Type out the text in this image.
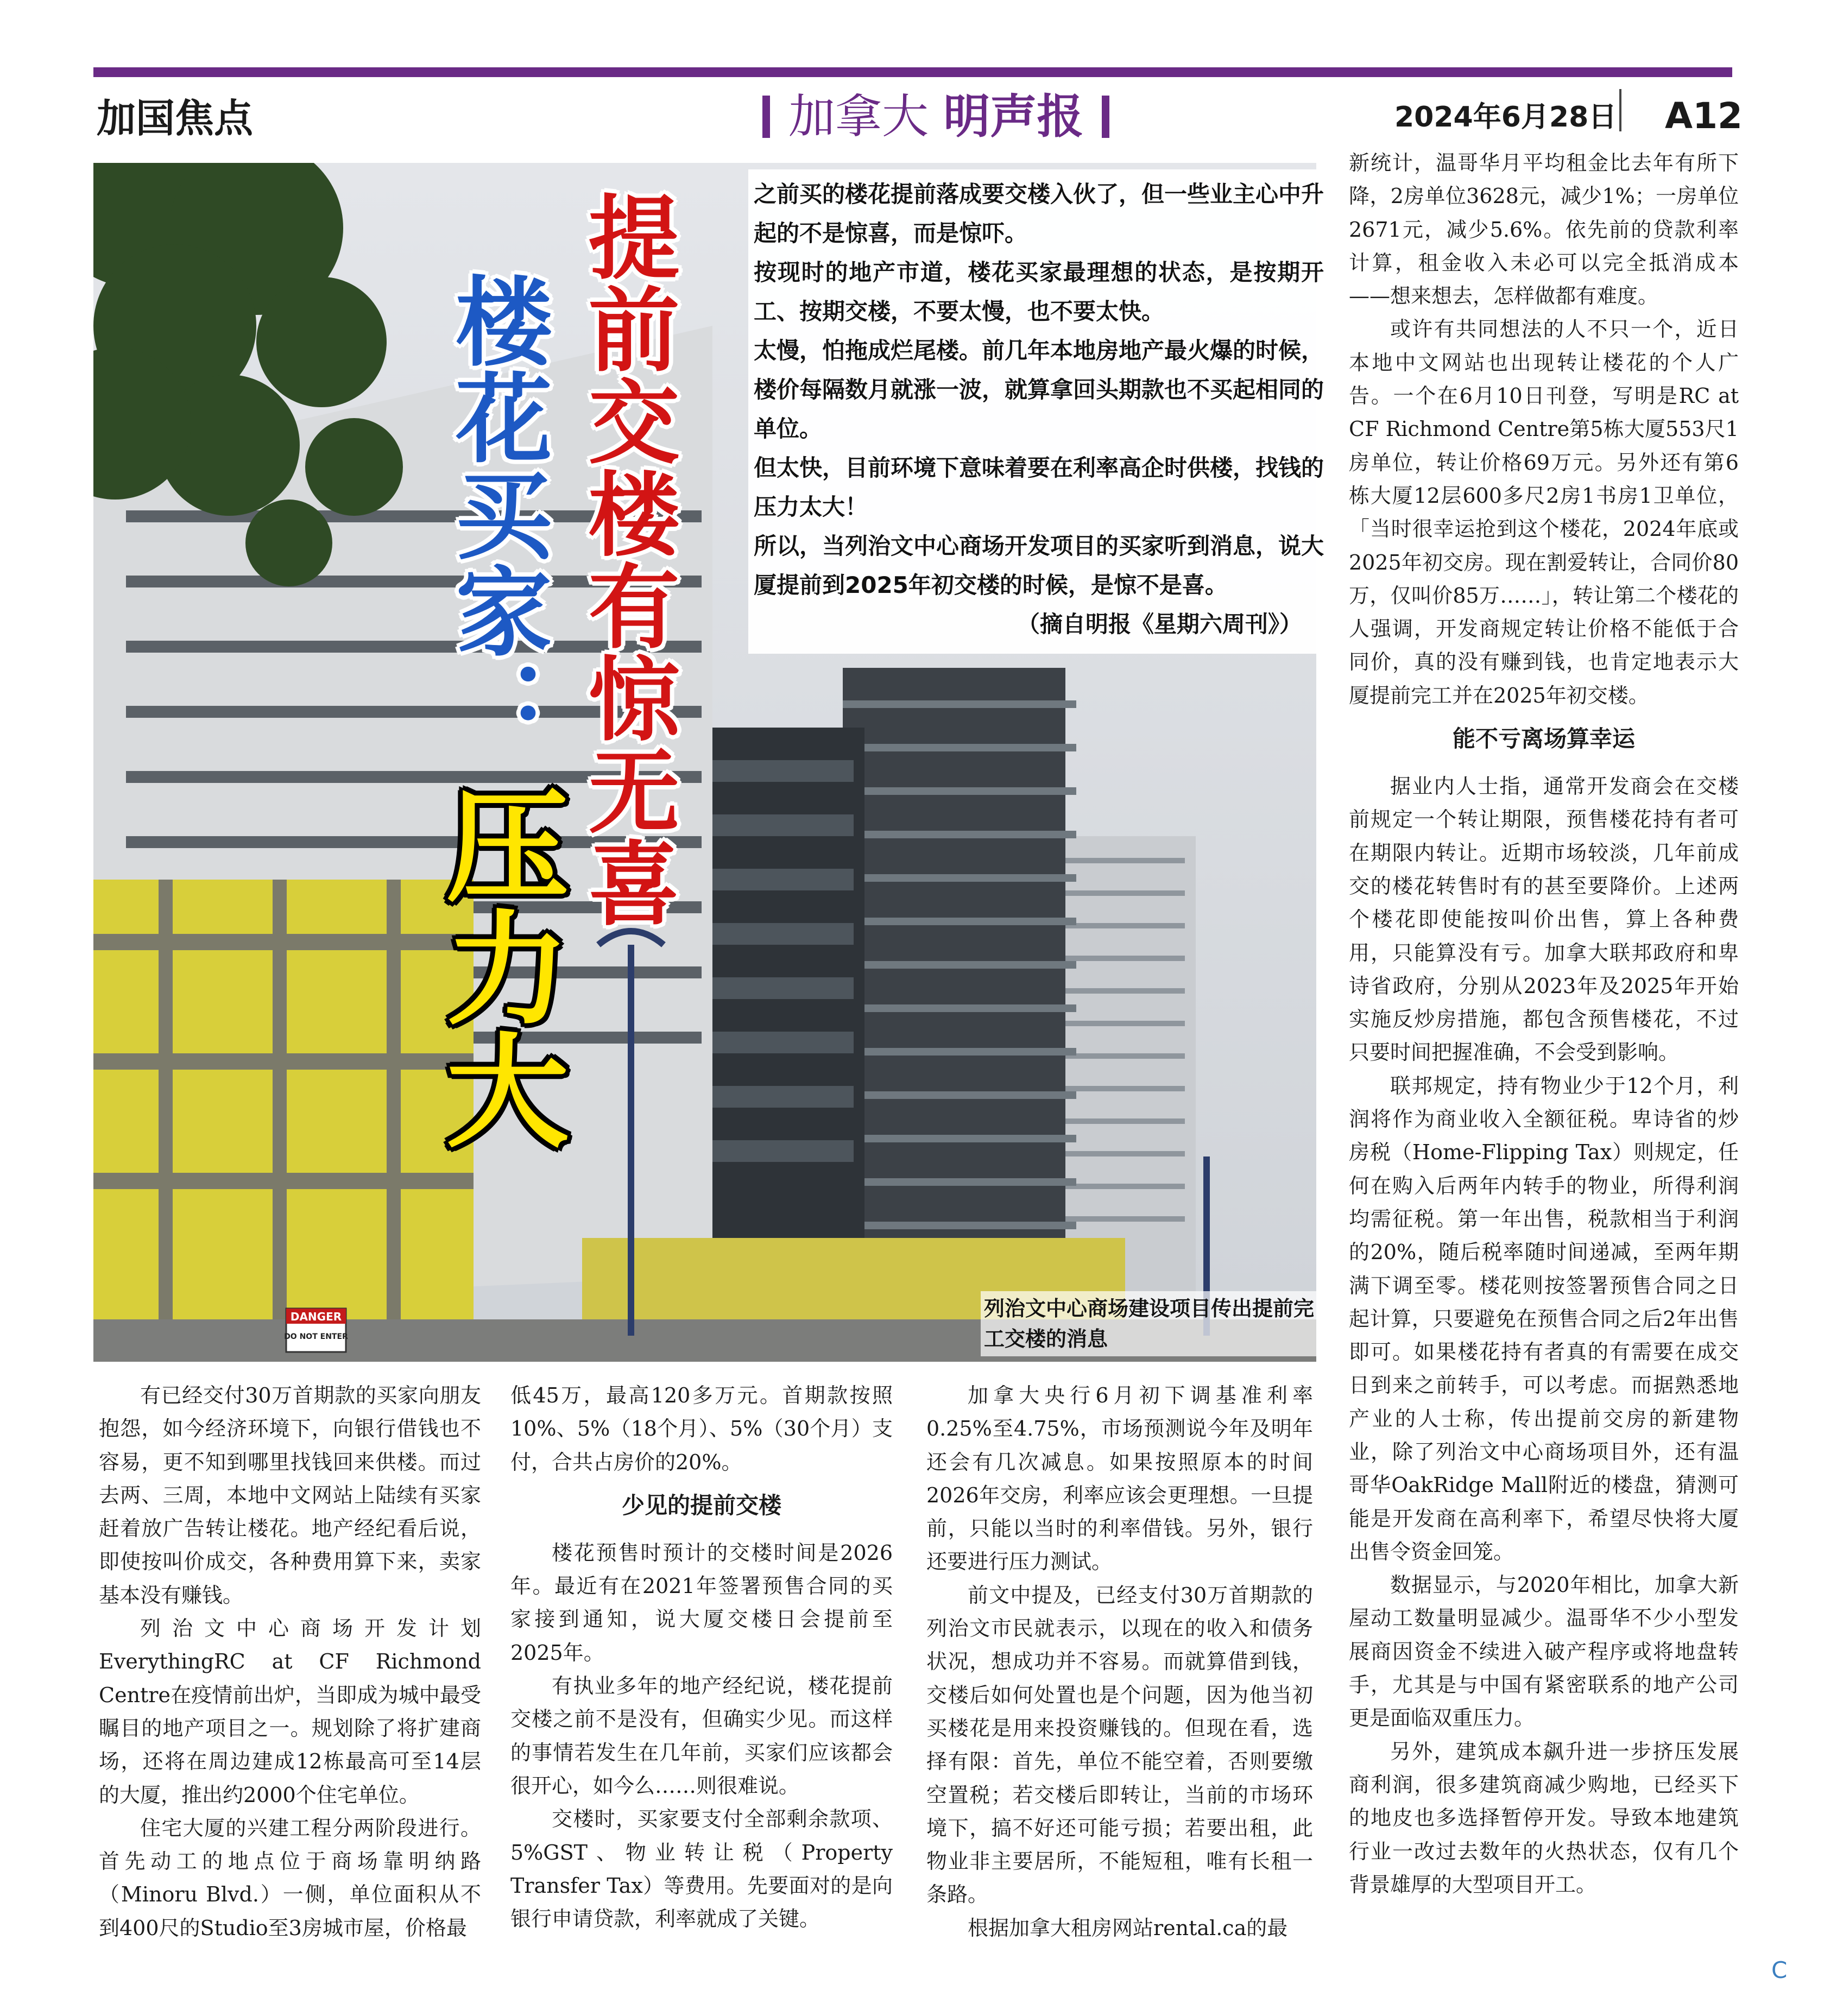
加国焦点	加拿大 明声报	2024年6月28日 A12
DANGER
DO NOT ENTER
提前交楼有惊无喜
楼花买家：
压力大

之前买的楼花提前落成要交楼入伙了，但一些业主心中升起的不是惊喜，而是惊吓。

按现时的地产市道，楼花买家最理想的状态，是按期开工、按期交楼，不要太慢，也不要太快。

太慢，怕拖成烂尾楼。前几年本地房地产最火爆的时候，楼价每隔数月就涨一波，就算拿回头期款也不买起相同的单位。

但太快，目前环境下意味着要在利率高企时供楼，找钱的压力太大！

所以，当列治文中心商场开发项目的买家听到消息，说大厦提前到2025年初交楼的时候，是惊不是喜。

（摘自明报《星期六周刊》）
列治文中心商场建设项目传出提前完工交楼的消息

有已经交付30万首期款的买家向朋友抱怨，如今经济环境下，向银行借钱也不容易，更不知到哪里找钱回来供楼。而过去两、三周，本地中文网站上陆续有买家赶着放广告转让楼花。地产经纪看后说，即使按叫价成交，各种费用算下来，卖家基本没有赚钱。

列治文中心商场开发计划EverythingRC at CF Richmond Centre在疫情前出炉，当即成为城中最受瞩目的地产项目之一。规划除了将扩建商场，还将在周边建成12栋最高可至14层的大厦，推出约2000个住宅单位。

住宅大厦的兴建工程分两阶段进行。首先动工的地点位于商场靠明纳路（Minoru Blvd.）一侧，单位面积从不到400尺的Studio至3房城市屋，价格最

低45万，最高120多万元。首期款按照10%、5%（18个月）、5%（30个月）支付，合共占房价的20%。

少见的提前交楼

楼花预售时预计的交楼时间是2026年。最近有在2021年签署预售合同的买家接到通知，说大厦交楼日会提前至2025年。

有执业多年的地产经纪说，楼花提前交楼之前不是没有，但确实少见。而这样的事情若发生在几年前，买家们应该都会很开心，如今么……则很难说。

交楼时，买家要支付全部剩余款项、5%GST、物业转让税（Property Transfer Tax）等费用。先要面对的是向银行申请贷款，利率就成了关键。

加拿大央行6月初下调基准利率0.25%至4.75%，市场预测说今年及明年还会有几次减息。如果按照原本的时间2026年交房，利率应该会更理想。一旦提前，只能以当时的利率借钱。另外，银行还要进行压力测试。

前文中提及，已经支付30万首期款的列治文市民就表示，以现在的收入和债务状况，想成功并不容易。而就算借到钱，交楼后如何处置也是个问题，因为他当初买楼花是用来投资赚钱的。但现在看，选择有限：首先，单位不能空着，否则要缴空置税；若交楼后即转让，当前的市场环境下，搞不好还可能亏损；若要出租，此物业非主要居所，不能短租，唯有长租一条路。

根据加拿大租房网站rental.ca的最

新统计，温哥华月平均租金比去年有所下降，2房单位3628元，减少1%；一房单位2671元，减少5.6%。依先前的贷款利率计算，租金收入未必可以完全抵消成本——想来想去，怎样做都有难度。

或许有共同想法的人不只一个，近日本地中文网站也出现转让楼花的个人广告。一个在6月10日刊登，写明是RC at CF Richmond Centre第5栋大厦553尺1房单位，转让价格69万元。另外还有第6栋大厦12层600多尺2房1书房1卫单位，「当时很幸运抢到这个楼花，2024年底或2025年初交房。现在割爱转让，合同价80万，仅叫价85万……」，转让第二个楼花的人强调，开发商规定转让价格不能低于合同价，真的没有赚到钱，也肯定地表示大厦提前完工并在2025年初交楼。

能不亏离场算幸运

据业内人士指，通常开发商会在交楼前规定一个转让期限，预售楼花持有者可在期限内转让。近期市场较淡，几年前成交的楼花转售时有的甚至要降价。上述两个楼花即使能按叫价出售，算上各种费用，只能算没有亏。加拿大联邦政府和卑诗省政府，分别从2023年及2025年开始实施反炒房措施，都包含预售楼花，不过只要时间把握准确，不会受到影响。

联邦规定，持有物业少于12个月，利润将作为商业收入全额征税。卑诗省的炒房税（Home-Flipping Tax）则规定，任何在购入后两年内转手的物业，所得利润均需征税。第一年出售，税款相当于利润的20%，随后税率随时间递减，至两年期满下调至零。楼花则按签署预售合同之日起计算，只要避免在预售合同之后2年出售即可。如果楼花持有者真的有需要在成交日到来之前转手，可以考虑。而据熟悉地产业的人士称，传出提前交房的新建物业，除了列治文中心商场项目外，还有温哥华OakRidge Mall附近的楼盘，猜测可能是开发商在高利率下，希望尽快将大厦出售令资金回笼。

数据显示，与2020年相比，加拿大新屋动工数量明显减少。温哥华不少小型发展商因资金不续进入破产程序或将地盘转手，尤其是与中国有紧密联系的地产公司更是面临双重压力。

另外，建筑成本飙升进一步挤压发展商利润，很多建筑商减少购地，已经买下的地皮也多选择暂停开发。导致本地建筑行业一改过去数年的火热状态，仅有几个背景雄厚的大型项目开工。

C
